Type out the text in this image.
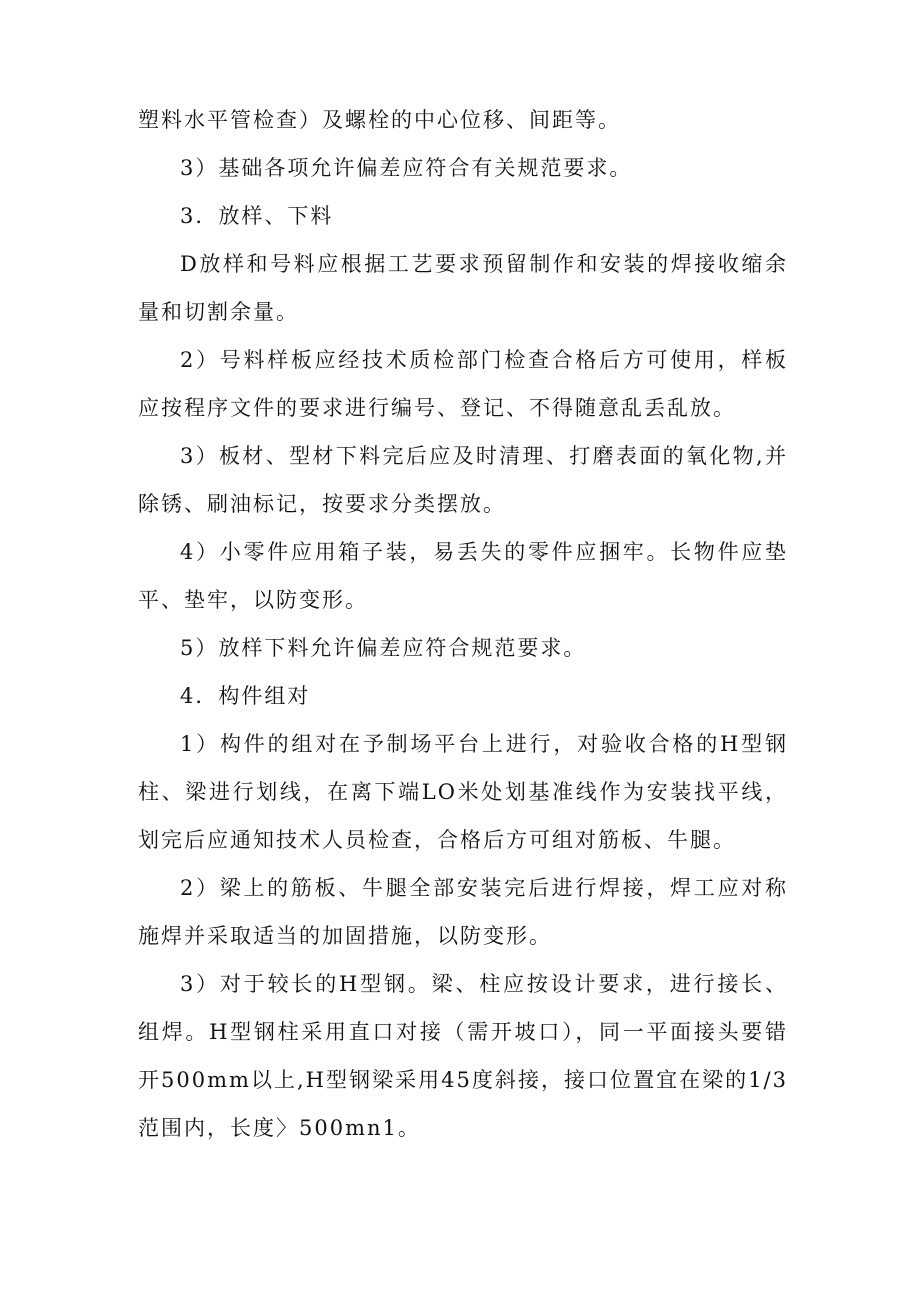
塑料水平管检查）及螺栓的中心位移、间距等。

3）基础各项允许偏差应符合有关规范要求。

3．放样、下料

D放样和号料应根据工艺要求预留制作和安装的焊接收缩余量和切割余量。

2）号料样板应经技术质检部门检查合格后方可使用，样板应按程序文件的要求进行编号、登记、不得随意乱丢乱放。

3）板材、型材下料完后应及时清理、打磨表面的氧化物,并除锈、刷油标记，按要求分类摆放。

4）小零件应用箱子装，易丢失的零件应捆牢。长物件应垫平、垫牢，以防变形。

5）放样下料允许偏差应符合规范要求。

4．构件组对

1）构件的组对在予制场平台上进行，对验收合格的H型钢柱、梁进行划线，在离下端LO米处划基准线作为安装找平线，划完后应通知技术人员检查，合格后方可组对筋板、牛腿。

2）梁上的筋板、牛腿全部安装完后进行焊接，焊工应对称施焊并采取适当的加固措施，以防变形。

3）对于较长的H型钢。梁、柱应按设计要求，进行接长、组焊。H型钢柱采用直口对接（需开坡口），同一平面接头要错开500mm以上,H型钢梁采用45度斜接，接口位置宜在梁的1/3范围内，长度〉500mn1。
